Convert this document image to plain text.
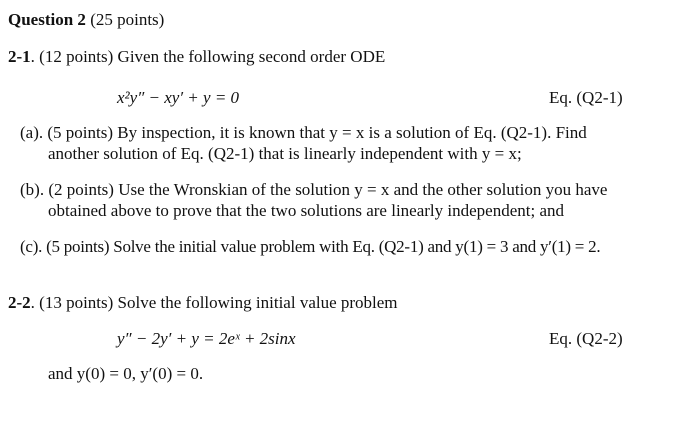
Question 2 (25 points)
2-1. (12 points) Given the following second order ODE
x²y″ − xy′ + y = 0	Eq. (Q2-1)
(a). (5 points) By inspection, it is known that y = x is a solution of Eq. (Q2-1). Find
another solution of Eq. (Q2-1) that is linearly independent with y = x;
(b). (2 points) Use the Wronskian of the solution y = x and the other solution you have
obtained above to prove that the two solutions are linearly independent; and
(c). (5 points) Solve the initial value problem with Eq. (Q2-1) and y(1) = 3 and y′(1) = 2.
2-2. (13 points) Solve the following initial value problem
y″ − 2y′ + y = 2eˣ + 2sinx	Eq. (Q2-2)
and y(0) = 0, y′(0) = 0.
